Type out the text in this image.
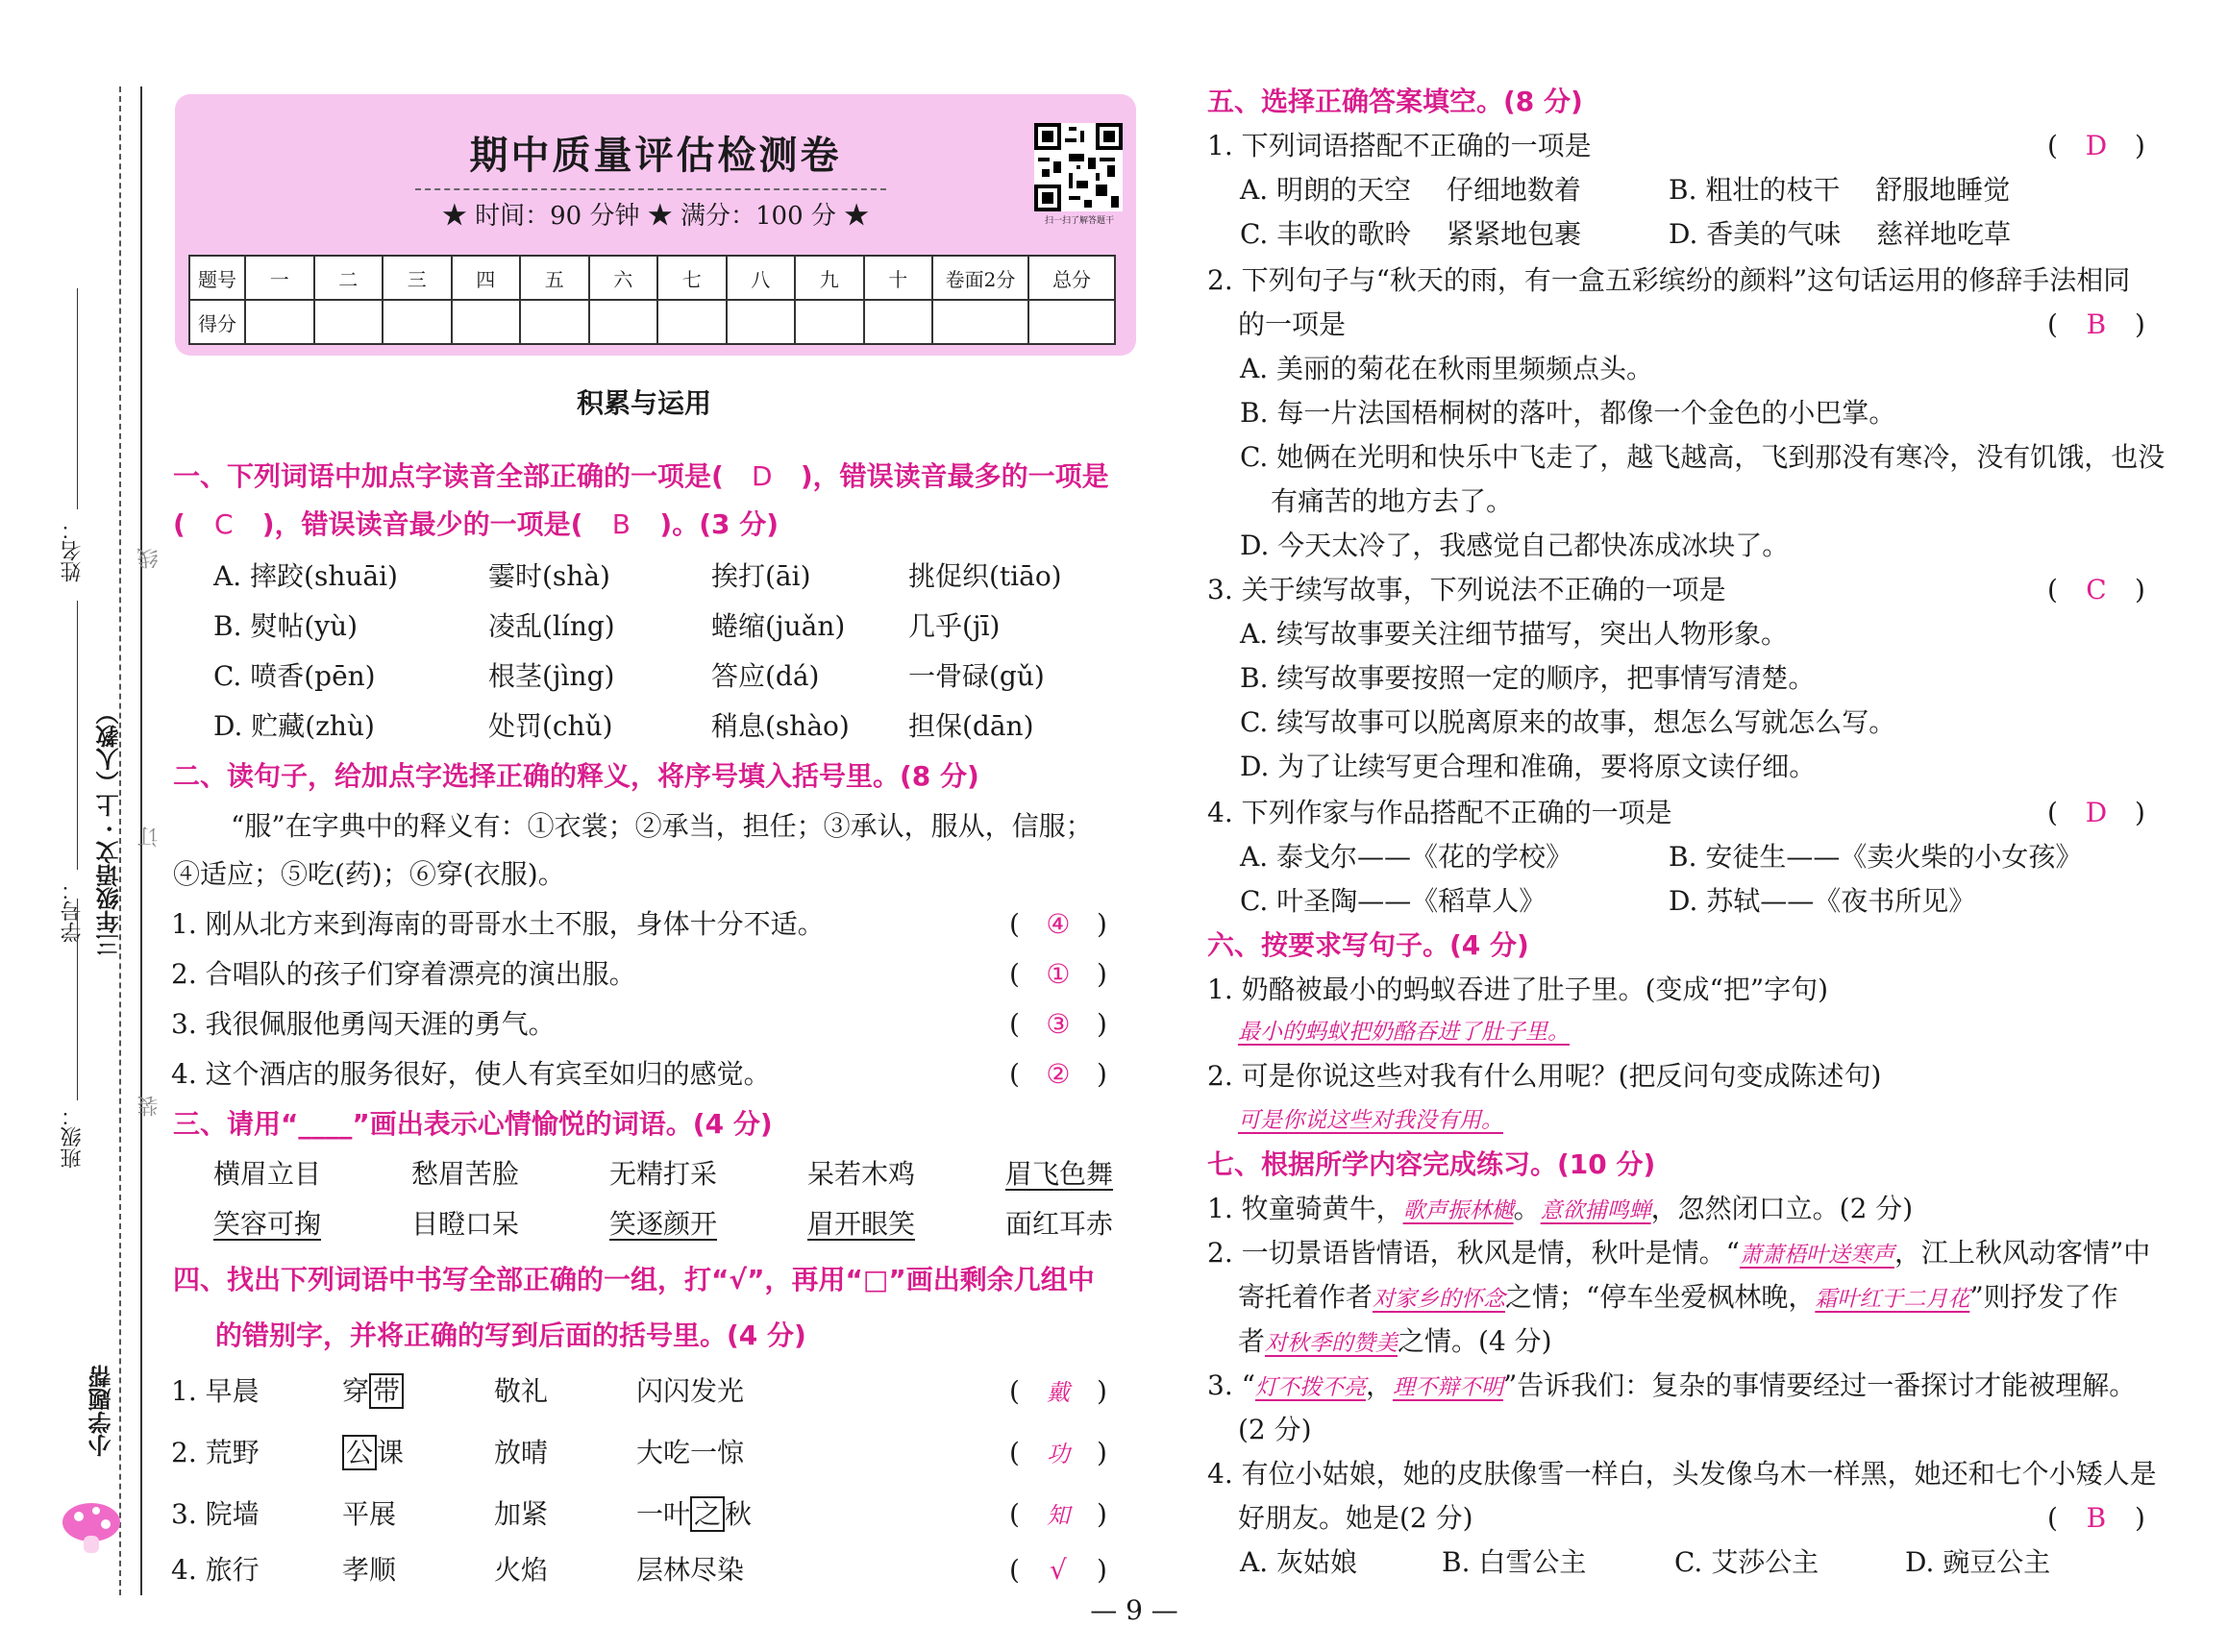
线
订
装
姓名：
学号： 三年级语文 · 上（人教）
班级：
小学题帮
期中质量评估检测卷
★ 时间：90 分钟 ★ 满分：100 分 ★	扫一扫了解答题干
题号	一	二	三	四	五	六	七	八	九	十	卷面2分	总分
得分												
积累与运用
一、下列词语中加点字读音全部正确的一项是( D )，错误读音最多的一项是
( C )，错误读音最少的一项是( B )。(3 分)
A. 摔跤(shuāi)	霎时(shà)	挨打(āi)	挑促织(tiāo)
B. 熨帖(yù)	凌乱(líng)	蜷缩(juǎn) 几乎(jī)
C. 喷香(pēn)	根茎(jìng)	答应(dá)	一骨碌(gǔ)
D. 贮藏(zhù)	处罚(chǔ)	稍息(shào) 担保(dān)
二、读句子，给加点字选择正确的释义，将序号填入括号里。(8 分)
“服”在字典中的释义有：①衣裳；②承当，担任；③承认，服从，信服；
④适应；⑤吃(药)；⑥穿(衣服)。
1. 刚从北方来到海南的哥哥水土不服，身体十分不适。	( ④ )
2. 合唱队的孩子们穿着漂亮的演出服。	( ① )
3. 我很佩服他勇闯天涯的勇气。	( ③ )
4. 这个酒店的服务很好，使人有宾至如归的感觉。	( ② )
三、请用“____”画出表示心情愉悦的词语。(4 分)
横眉立目	愁眉苦脸	无精打采	呆若木鸡	眉飞色舞
笑容可掬	目瞪口呆	笑逐颜开	眉开眼笑	面红耳赤
四、找出下列词语中书写全部正确的一组，打“√”，再用“□”画出剩余几组中
的错别字，并将正确的写到后面的括号里。(4 分)
1. 早晨	穿 带	敬礼	闪闪发光	( 戴 )
2. 荒野	公 课	放晴	大吃一惊	( 功 )
3. 院墙	平展	加紧	一叶 之 秋	( 知 )
4. 旅行	孝顺	火焰	层林尽染	( √ )
五、选择正确答案填空。(8 分)
1. 下列词语搭配不正确的一项是	( D )
A. 明朗的天空　 仔细地数着	B. 粗壮的枝干　 舒服地睡觉
C. 丰收的歌昤　 紧紧地包裹	D. 香美的气味　 慈祥地吃草
2. 下列句子与“秋天的雨，有一盒五彩缤纷的颜料”这句话运用的修辞手法相同
的一项是	( B )
A. 美丽的菊花在秋雨里频频点头。
B. 每一片法国梧桐树的落叶，都像一个金色的小巴掌。
C. 她俩在光明和快乐中飞走了，越飞越高，飞到那没有寒冷，没有饥饿，也没
有痛苦的地方去了。
D. 今天太冷了，我感觉自己都快冻成冰块了。
3. 关于续写故事，下列说法不正确的一项是	( C )
A. 续写故事要关注细节描写，突出人物形象。
B. 续写故事要按照一定的顺序，把事情写清楚。
C. 续写故事可以脱离原来的故事，想怎么写就怎么写。
D. 为了让续写更合理和准确，要将原文读仔细。
4. 下列作家与作品搭配不正确的一项是	( D )
A. 泰戈尔——《花的学校》	B. 安徒生——《卖火柴的小女孩》
C. 叶圣陶——《稻草人》	D. 苏轼——《夜书所见》
六、按要求写句子。(4 分)
1. 奶酪被最小的蚂蚁吞进了肚子里。(变成“把”字句)
最小的蚂蚁把奶酪吞进了肚子里。
2. 可是你说这些对我有什么用呢？(把反问句变成陈述句)
可是你说这些对我没有用。
七、根据所学内容完成练习。(10 分)
1. 牧童骑黄牛，歌声振林樾。意欲捕鸣蝉，忽然闭口立。(2 分)
2. 一切景语皆情语，秋风是情，秋叶是情。“萧萧梧叶送寒声，江上秋风动客情”中
寄托着作者对家乡的怀念之情；“停车坐爱枫林晚，霜叶红于二月花”则抒发了作
者对秋季的赞美之情。(4 分)
3. “灯不拨不亮，理不辩不明”告诉我们：复杂的事情要经过一番探讨才能被理解。
(2 分)
4. 有位小姑娘，她的皮肤像雪一样白，头发像乌木一样黑，她还和七个小矮人是
好朋友。她是(2 分)	( B )
A. 灰姑娘	B. 白雪公主	C. 艾莎公主	D. 豌豆公主
— 9 —
